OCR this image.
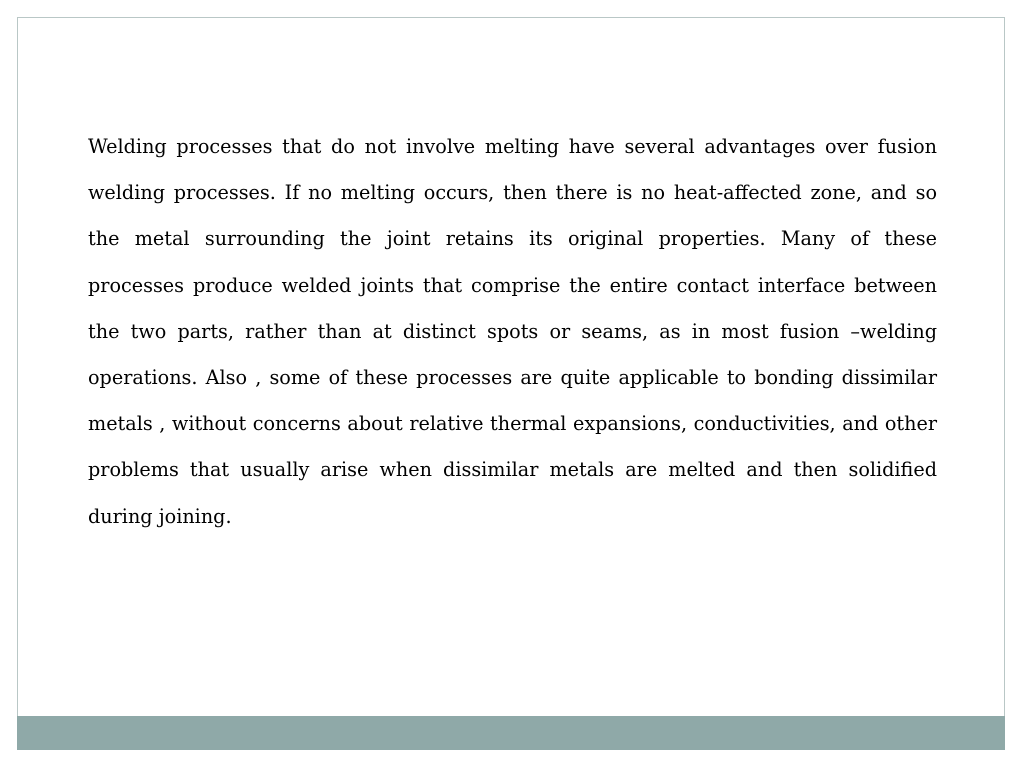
Welding processes that do not involve melting have several advantages over fusion welding processes. If no melting occurs, then there is no heat-affected zone, and so the metal surrounding the joint retains its original properties. Many of these processes produce welded joints that comprise the entire contact interface between the two parts, rather than at distinct spots or seams, as in most fusion –welding operations. Also , some of these processes are quite applicable to bonding dissimilar metals , without concerns about relative thermal expansions, conductivities, and other problems that usually arise when dissimilar metals are melted and then solidified during joining.
